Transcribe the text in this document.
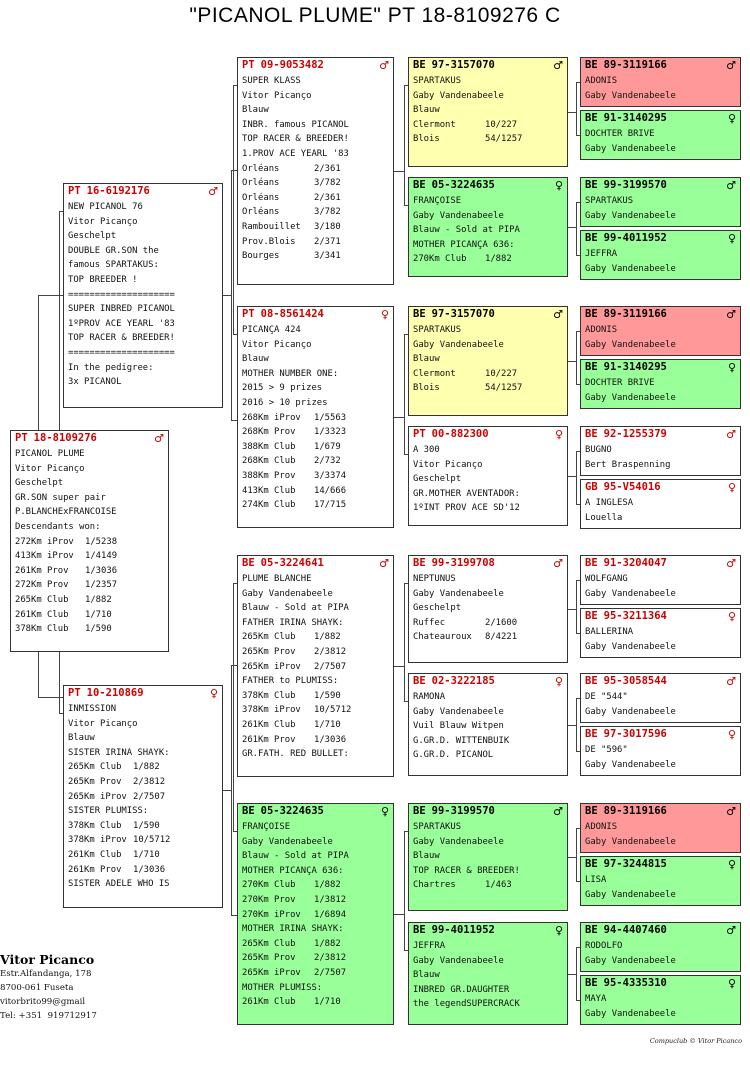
"PICANOL PLUME" PT 18-8109276 C
PT 18-8109276	♂
PICANOL PLUME
Vitor Picanço
Geschelpt
GR.SON super pair
P.BLANCHExFRANCOISE
Descendants won:
272Km iProv 1/5238
413Km iProv 1/4149
261Km Prov 1/3036
272Km Prov 1/2357
265Km Club 1/882
261Km Club 1/710
378Km Club 1/590
PT 16-6192176	♂
NEW PICANOL 76
Vitor Picanço
Geschelpt
DOUBLE GR.SON the
famous SPARTAKUS:
TOP BREEDER !
====================
SUPER INBRED PICANOL
1ºPROV ACE YEARL '83
TOP RACER & BREEDER!
====================
In the pedigree:
3x PICANOL
PT 10-210869	♀
INMISSION
Vitor Picanço
Blauw
SISTER IRINA SHAYK:
265Km Club 1/882
265Km Prov 2/3812
265Km iProv 2/7507
SISTER PLUMISS:
378Km Club 1/590
378Km iProv 10/5712
261Km Club 1/710
261Km Prov 1/3036
SISTER ADELE WHO IS
PT 09-9053482	♂
SUPER KLASS
Vitor Picanço
Blauw
INBR. famous PICANOL
TOP RACER & BREEDER!
1.PROV ACE YEARL '83
Orléans	2/361
Orléans	3/782
Orléans	2/361
Orléans	3/782
Rambouillet 3/180
Prov.Blois 2/371
Bourges	3/341
PT 08-8561424	♀
PICANÇA 424
Vitor Picanço
Blauw
MOTHER NUMBER ONE:
2015 > 9 prizes
2016 > 10 prizes
268Km iProv 1/5563
268Km Prov 1/3323
388Km Club 1/679
268Km Club 2/732
388Km Prov 3/3374
413Km Club 14/666
274Km Club 17/715
BE 05-3224641	♂
PLUME BLANCHE
Gaby Vandenabeele
Blauw - Sold at PIPA
FATHER IRINA SHAYK:
265Km Club 1/882
265Km Prov 2/3812
265Km iProv 2/7507
FATHER to PLUMISS:
378Km Club 1/590
378Km iProv 10/5712
261Km Club 1/710
261Km Prov 1/3036
GR.FATH. RED BULLET:
BE 05-3224635	♀
FRANÇOISE
Gaby Vandenabeele
Blauw - Sold at PIPA
MOTHER PICANÇA 636:
270Km Club 1/882
270Km Prov 1/3812
270Km iProv 1/6894
MOTHER IRINA SHAYK:
265Km Club 1/882
265Km Prov 2/3812
265Km iProv 2/7507
MOTHER PLUMISS:
261Km Club 1/710
BE 97-3157070	♂
SPARTAKUS
Gaby Vandenabeele
Blauw
Clermont	10/227
Blois	54/1257
BE 05-3224635	♀
FRANÇOISE
Gaby Vandenabeele
Blauw - Sold at PIPA
MOTHER PICANÇA 636:
270Km Club 1/882
BE 97-3157070	♂
SPARTAKUS
Gaby Vandenabeele
Blauw
Clermont	10/227
Blois	54/1257
PT 00-882300	♀
A 300
Vitor Picanço
Geschelpt
GR.MOTHER AVENTADOR:
1ºINT PROV ACE SD'12
BE 99-3199708	♂
NEPTUNUS
Gaby Vandenabeele
Geschelpt
Ruffec	2/1600
Chateauroux 8/4221
BE 02-3222185	♀
RAMONA
Gaby Vandenabeele
Vuil Blauw Witpen
G.GR.D. WITTENBUIK
G.GR.D. PICANOL
BE 99-3199570	♂
SPARTAKUS
Gaby Vandenabeele
Blauw
TOP RACER & BREEDER!
Chartres	1/463
BE 99-4011952	♀
JEFFRA
Gaby Vandenabeele
Blauw
INBRED GR.DAUGHTER
the legendSUPERCRACK
BE 89-3119166	♂
ADONIS
Gaby Vandenabeele
BE 91-3140295	♀
DOCHTER BRIVE
Gaby Vandenabeele
BE 99-3199570	♂
SPARTAKUS
Gaby Vandenabeele
BE 99-4011952	♀
JEFFRA
Gaby Vandenabeele
BE 89-3119166	♂
ADONIS
Gaby Vandenabeele
BE 91-3140295	♀
DOCHTER BRIVE
Gaby Vandenabeele
BE 92-1255379	♂
BUGNO
Bert Braspenning
GB 95-V54016	♀
A INGLESA
Louella
BE 91-3204047	♂
WOLFGANG
Gaby Vandenabeele
BE 95-3211364	♀
BALLERINA
Gaby Vandenabeele
BE 95-3058544	♂
DE "544"
Gaby Vandenabeele
BE 97-3017596	♀
DE "596"
Gaby Vandenabeele
BE 89-3119166	♂
ADONIS
Gaby Vandenabeele
BE 97-3244815	♀
LISA
Gaby Vandenabeele
BE 94-4407460	♂
RODOLFO
Gaby Vandenabeele
BE 95-4335310	♀
MAYA
Gaby Vandenabeele
Vitor Picanco
Estr.Alfandanga, 178
8700-061 Fuseta
vitorbrito99@gmail
Tel: +351  919712917
Compuclub © Vitor Picanco
